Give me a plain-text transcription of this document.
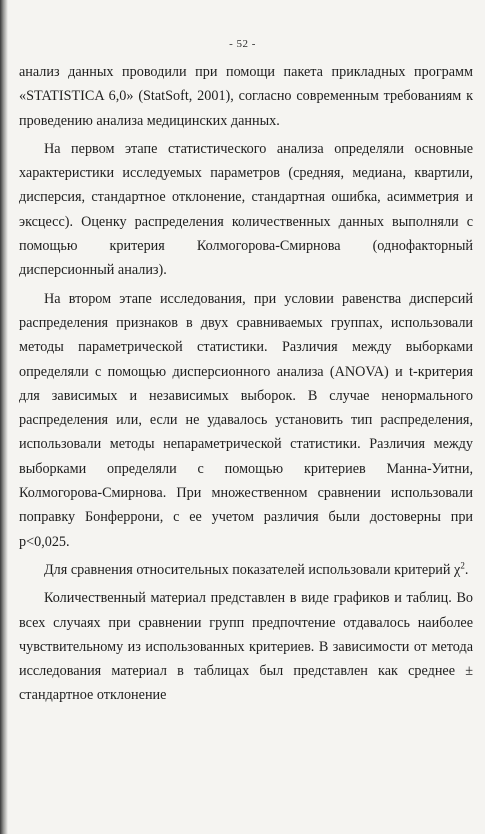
- 52 -

анализ данных проводили при помощи пакета прикладных программ «STATISTICA 6,0» (StatSoft, 2001), согласно современным требованиям к проведению анализа медицинских данных.

На первом этапе статистического анализа определяли основные характеристики исследуемых параметров (средняя, медиана, квартили, дисперсия, стандартное отклонение, стандартная ошибка, асимметрия и эксцесс). Оценку распределения количественных данных выполняли с помощью критерия Колмогорова-Смирнова (однофакторный дисперсионный анализ).

На втором этапе исследования, при условии равенства дисперсий распределения признаков в двух сравниваемых группах, использовали методы параметрической статистики. Различия между выборками определяли с помощью дисперсионного анализа (ANOVA) и t-критерия для зависимых и независимых выборок. В случае ненормального распределения или, если не удавалось установить тип распределения, использовали методы непараметрической статистики. Различия между выборками определяли с помощью критериев Манна-Уитни, Колмогорова-Смирнова. При множественном сравнении использовали поправку Бонферрони, с ее учетом различия были достоверны при p<0,025.

Для сравнения относительных показателей использовали критерий $\chi^2$.

Количественный материал представлен в виде графиков и таблиц. Во всех случаях при сравнении групп предпочтение отдавалось наиболее чувствительному из использованных критериев. В зависимости от метода исследования материал в таблицах был представлен как среднее ± стандартное отклонение
